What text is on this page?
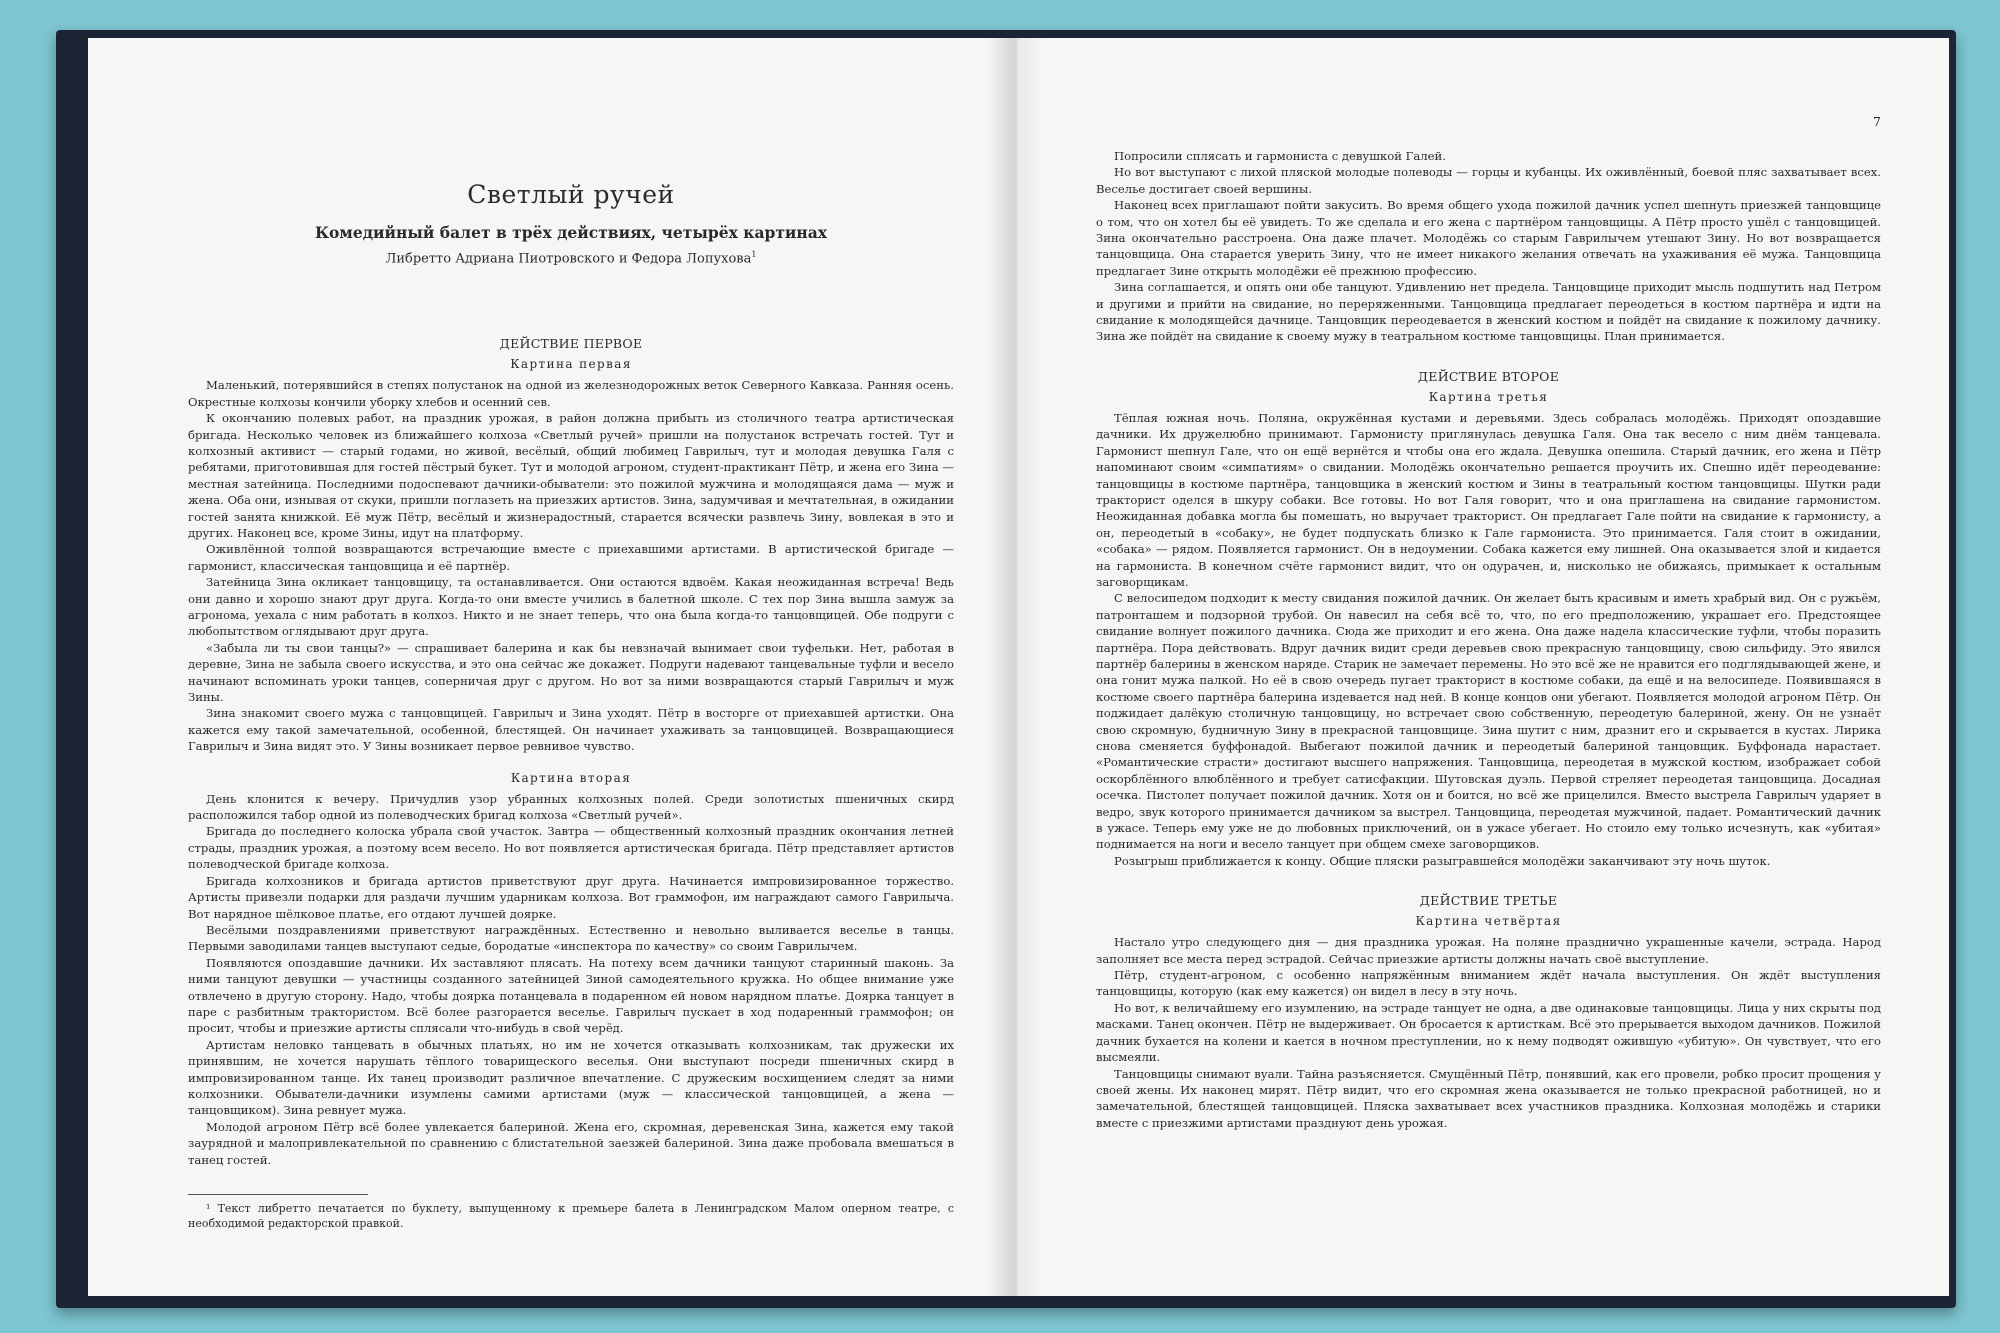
Светлый ручей
Комедийный балет в трёх действиях, четырёх картинах
Либретто Адриана Пиотровского и Федора Лопухова$^1$
ДЕЙСТВИЕ ПЕРВОЕ
Картина первая

Маленький, потерявшийся в степях полустанок на одной из железнодорожных веток Северного Кавказа. Ранняя осень. Окрестные колхозы кончили уборку хлебов и осенний сев.

К окончанию полевых работ, на праздник урожая, в район должна прибыть из столичного театра артистическая бригада. Несколько человек из ближайшего колхоза «Светлый ручей» пришли на полустанок встречать гостей. Тут и колхозный активист — старый годами, но живой, весёлый, общий любимец Гаврилыч, тут и молодая девушка Галя с ребятами, приготовившая для гостей пёстрый букет. Тут и молодой агроном, студент-практикант Пётр, и жена его Зина — местная затейница. Последними подоспевают дачники-обыватели: это пожилой мужчина и молодящаяся дама — муж и жена. Оба они, изнывая от скуки, пришли поглазеть на приезжих артистов. Зина, задумчивая и мечтательная, в ожидании гостей занята книжкой. Её муж Пётр, весёлый и жизнерадостный, старается всячески развлечь Зину, вовлекая в это и других. Наконец все, кроме Зины, идут на платформу.

Оживлённой толпой возвращаются встречающие вместе с приехавшими артистами. В артистической бригаде — гармонист, классическая танцовщица и её партнёр.

Затейница Зина окликает танцовщицу, та останавливается. Они остаются вдвоём. Какая неожиданная встреча! Ведь они давно и хорошо знают друг друга. Когда-то они вместе учились в балетной школе. С тех пор Зина вышла замуж за агронома, уехала с ним работать в колхоз. Никто и не знает теперь, что она была когда-то танцовщицей. Обе подруги с любопытством оглядывают друг друга.

«Забыла ли ты свои танцы?» — спрашивает балерина и как бы невзначай вынимает свои туфельки. Нет, работая в деревне, Зина не забыла своего искусства, и это она сейчас же докажет. Подруги надевают танцевальные туфли и весело начинают вспоминать уроки танцев, соперничая друг с другом. Но вот за ними возвращаются старый Гаврилыч и муж Зины.

Зина знакомит своего мужа с танцовщицей. Гаврилыч и Зина уходят. Пётр в восторге от приехавшей артистки. Она кажется ему такой замечательной, особенной, блестящей. Он начинает ухаживать за танцовщицей. Возвращающиеся Гаврилыч и Зина видят это. У Зины возникает первое ревнивое чувство.

Картина вторая

День клонится к вечеру. Причудлив узор убранных колхозных полей. Среди золотистых пшеничных скирд расположился табор одной из полеводческих бригад колхоза «Светлый ручей».

Бригада до последнего колоска убрала свой участок. Завтра — общественный колхозный праздник окончания летней страды, праздник урожая, а поэтому всем весело. Но вот появляется артистическая бригада. Пётр представляет артистов полеводческой бригаде колхоза.

Бригада колхозников и бригада артистов приветствуют друг друга. Начинается импровизированное торжество. Артисты привезли подарки для раздачи лучшим ударникам колхоза. Вот граммофон, им награждают самого Гаврилыча. Вот нарядное шёлковое платье, его отдают лучшей доярке.

Весёлыми поздравлениями приветствуют награждённых. Естественно и невольно выливается веселье в танцы. Первыми заводилами танцев выступают седые, бородатые «инспектора по качеству» со своим Гаврилычем.

Появляются опоздавшие дачники. Их заставляют плясать. На потеху всем дачники танцуют старинный шаконь. За ними танцуют девушки — участницы созданного затейницей Зиной самодеятельного кружка. Но общее внимание уже отвлечено в другую сторону. Надо, чтобы доярка потанцевала в подаренном ей новом нарядном платье. Доярка танцует в паре с разбитным трактористом. Всё более разгорается веселье. Гаврилыч пускает в ход подаренный граммофон; он просит, чтобы и приезжие артисты сплясали что-нибудь в свой черёд.

Артистам неловко танцевать в обычных платьях, но им не хочется отказывать колхозникам, так дружески их принявшим, не хочется нарушать тёплого товарищеского веселья. Они выступают посреди пшеничных скирд в импровизированном танце. Их танец производит различное впечатление. С дружеским восхищением следят за ними колхозники. Обыватели-дачники изумлены самими артистами (муж — классической танцовщицей, а жена — танцовщиком). Зина ревнует мужа.

Молодой агроном Пётр всё более увлекается балериной. Жена его, скромная, деревенская Зина, кажется ему такой заурядной и малопривлекательной по сравнению с блистательной заезжей балериной. Зина даже пробовала вмешаться в танец гостей.

¹ Текст либретто печатается по буклету, выпущенному к премьере балета в Ленинградском Малом оперном театре, с необходимой редакторской правкой.

7

Попросили сплясать и гармониста с девушкой Галей.

Но вот выступают с лихой пляской молодые полеводы — горцы и кубанцы. Их оживлённый, боевой пляс захватывает всех. Веселье достигает своей вершины.

Наконец всех приглашают пойти закусить. Во время общего ухода пожилой дачник успел шепнуть приезжей танцовщице о том, что он хотел бы её увидеть. То же сделала и его жена с партнёром танцовщицы. А Пётр просто ушёл с танцовщицей. Зина окончательно расстроена. Она даже плачет. Молодёжь со старым Гаврилычем утешают Зину. Но вот возвращается танцовщица. Она старается уверить Зину, что не имеет никакого желания отвечать на ухаживания её мужа. Танцовщица предлагает Зине открыть молодёжи её прежнюю профессию.

Зина соглашается, и опять они обе танцуют. Удивлению нет предела. Танцовщице приходит мысль подшутить над Петром и другими и прийти на свидание, но переряженными. Танцовщица предлагает переодеться в костюм партнёра и идти на свидание к молодящейся дачнице. Танцовщик переодевается в женский костюм и пойдёт на свидание к пожилому дачнику. Зина же пойдёт на свидание к своему мужу в театральном костюме танцовщицы. План принимается.

ДЕЙСТВИЕ ВТОРОЕ
Картина третья

Тёплая южная ночь. Поляна, окружённая кустами и деревьями. Здесь собралась молодёжь. Приходят опоздавшие дачники. Их дружелюбно принимают. Гармонисту приглянулась девушка Галя. Она так весело с ним днём танцевала. Гармонист шепнул Гале, что он ещё вернётся и чтобы она его ждала. Девушка опешила. Старый дачник, его жена и Пётр напоминают своим «симпатиям» о свидании. Молодёжь окончательно решается проучить их. Спешно идёт переодевание: танцовщицы в костюме партнёра, танцовщика в женский костюм и Зины в театральный костюм танцовщицы. Шутки ради тракторист оделся в шкуру собаки. Все готовы. Но вот Галя говорит, что и она приглашена на свидание гармонистом. Неожиданная добавка могла бы помешать, но выручает тракторист. Он предлагает Гале пойти на свидание к гармонисту, а он, переодетый в «собаку», не будет подпускать близко к Гале гармониста. Это принимается. Галя стоит в ожидании, «собака» — рядом. Появляется гармонист. Он в недоумении. Собака кажется ему лишней. Она оказывается злой и кидается на гармониста. В конечном счёте гармонист видит, что он одурачен, и, нисколько не обижаясь, примыкает к остальным заговорщикам.

С велосипедом подходит к месту свидания пожилой дачник. Он желает быть красивым и иметь храбрый вид. Он с ружьём, патронташем и подзорной трубой. Он навесил на себя всё то, что, по его предположению, украшает его. Предстоящее свидание волнует пожилого дачника. Сюда же приходит и его жена. Она даже надела классические туфли, чтобы поразить партнёра. Пора действовать. Вдруг дачник видит среди деревьев свою прекрасную танцовщицу, свою сильфиду. Это явился партнёр балерины в женском наряде. Старик не замечает перемены. Но это всё же не нравится его подглядывающей жене, и она гонит мужа палкой. Но её в свою очередь пугает тракторист в костюме собаки, да ещё и на велосипеде. Появившаяся в костюме своего партнёра балерина издевается над ней. В конце концов они убегают. Появляется молодой агроном Пётр. Он поджидает далёкую столичную танцовщицу, но встречает свою собственную, переодетую балериной, жену. Он не узнаёт свою скромную, будничную Зину в прекрасной танцовщице. Зина шутит с ним, дразнит его и скрывается в кустах. Лирика снова сменяется буффонадой. Выбегают пожилой дачник и переодетый балериной танцовщик. Буффонада нарастает. «Романтические страсти» достигают высшего напряжения. Танцовщица, переодетая в мужской костюм, изображает собой оскорблённого влюблённого и требует сатисфакции. Шутовская дуэль. Первой стреляет переодетая танцовщица. Досадная осечка. Пистолет получает пожилой дачник. Хотя он и боится, но всё же прицелился. Вместо выстрела Гаврилыч ударяет в ведро, звук которого принимается дачником за выстрел. Танцовщица, переодетая мужчиной, падает. Романтический дачник в ужасе. Теперь ему уже не до любовных приключений, он в ужасе убегает. Но стоило ему только исчезнуть, как «убитая» поднимается на ноги и весело танцует при общем смехе заговорщиков.

Розыгрыш приближается к концу. Общие пляски разыгравшейся молодёжи заканчивают эту ночь шуток.

ДЕЙСТВИЕ ТРЕТЬЕ
Картина четвёртая

Настало утро следующего дня — дня праздника урожая. На поляне празднично украшенные качели, эстрада. Народ заполняет все места перед эстрадой. Сейчас приезжие артисты должны начать своё выступление.

Пётр, студент-агроном, с особенно напряжённым вниманием ждёт начала выступления. Он ждёт выступления танцовщицы, которую (как ему кажется) он видел в лесу в эту ночь.

Но вот, к величайшему его изумлению, на эстраде танцует не одна, а две одинаковые танцовщицы. Лица у них скрыты под масками. Танец окончен. Пётр не выдерживает. Он бросается к артисткам. Всё это прерывается выходом дачников. Пожилой дачник бухается на колени и кается в ночном преступлении, но к нему подводят ожившую «убитую». Он чувствует, что его высмеяли.

Танцовщицы снимают вуали. Тайна разъясняется. Смущённый Пётр, понявший, как его провели, робко просит прощения у своей жены. Их наконец мирят. Пётр видит, что его скромная жена оказывается не только прекрасной работницей, но и замечательной, блестящей танцовщицей. Пляска захватывает всех участников праздника. Колхозная молодёжь и старики вместе с приезжими артистами празднуют день урожая.
